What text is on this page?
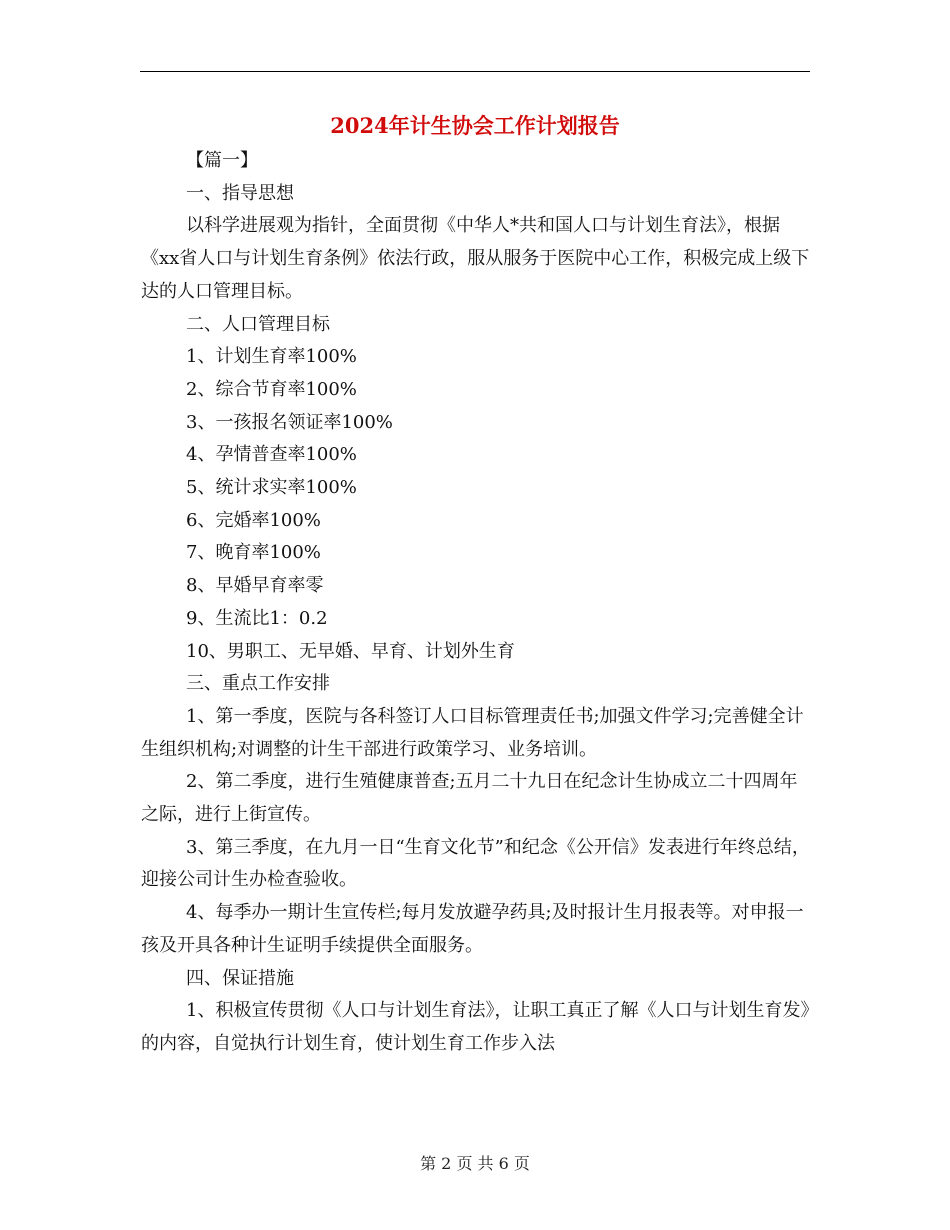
2024年计生协会工作计划报告

【篇一】

一、指导思想

以科学进展观为指针，全面贯彻《中华人*共和国人口与计划生育法》，根据《xx省人口与计划生育条例》依法行政，服从服务于医院中心工作，积极完成上级下达的人口管理目标。

二、人口管理目标

1、计划生育率100%

2、综合节育率100%

3、一孩报名领证率100%

4、孕情普查率100%

5、统计求实率100%

6、完婚率100%

7、晚育率100%

8、早婚早育率零

9、生流比1：0.2

10、男职工、无早婚、早育、计划外生育

三、重点工作安排

1、第一季度，医院与各科签订人口目标管理责任书;加强文件学习;完善健全计生组织机构;对调整的计生干部进行政策学习、业务培训。

2、第二季度，进行生殖健康普查;五月二十九日在纪念计生协成立二十四周年之际，进行上街宣传。

3、第三季度，在九月一日“生育文化节”和纪念《公开信》发表进行年终总结，迎接公司计生办检查验收。

4、每季办一期计生宣传栏;每月发放避孕药具;及时报计生月报表等。对申报一孩及开具各种计生证明手续提供全面服务。

四、保证措施

1、积极宣传贯彻《人口与计划生育法》，让职工真正了解《人口与计划生育发》的内容，自觉执行计划生育，使计划生育工作步入法

第 2 页 共 6 页
